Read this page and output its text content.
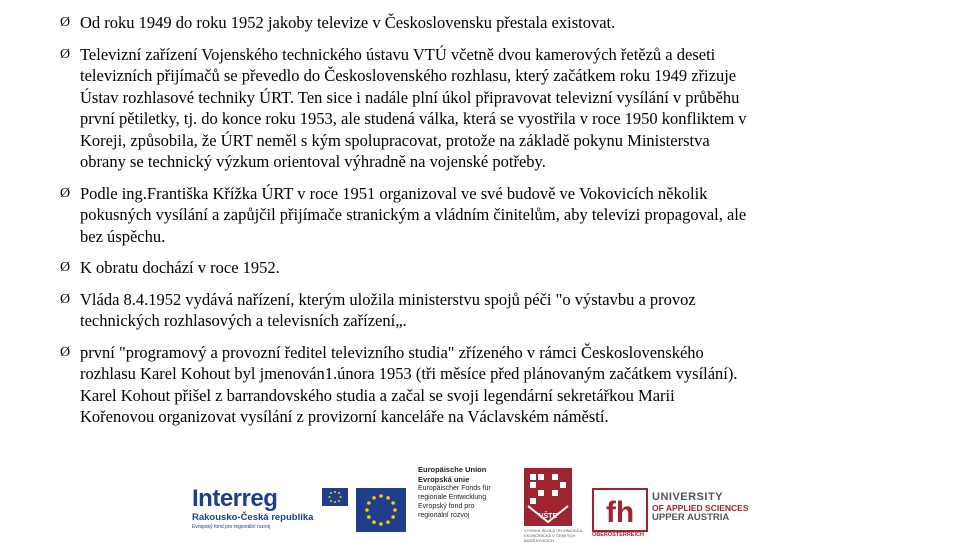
Ø Od roku 1949 do roku 1952 jakoby televize v Československu přestala existovat.
Ø Televizní zařízení Vojenského technického ústavu VTÚ včetně dvou kamerových řetězů a deseti
televizních přijímačů se převedlo do Československého rozhlasu, který začátkem roku 1949 zřizuje
Ústav rozhlasové techniky ÚRT. Ten sice i nadále plní úkol připravovat televizní vysílání v průběhu
první pětiletky, tj. do konce roku 1953, ale studená válka, která se vyostřila v roce 1950 konfliktem v
Koreji, způsobila, že ÚRT neměl s kým spolupracovat, protože na základě pokynu Ministerstva
obrany se technický výzkum orientoval výhradně na vojenské potřeby.
Ø Podle ing.Františka Křížka ÚRT v roce 1951 organizoval ve své budově ve Vokovicích několik
pokusných vysílání a zapůjčil přijímače stranickým a vládním činitelům, aby televizi propagoval, ale
bez úspěchu.
Ø K obratu dochází v roce 1952.
Ø Vláda 8.4.1952 vydává nařízení, kterým uložila ministerstvu spojů péči "o výstavbu a provoz
technických rozhlasových a televisních zařízení„.
Ø první "programový a provozní ředitel televizního studia" zřízeného v rámci Československého
rozhlasu Karel Kohout byl jmenován1.února 1953 (tři měsíce před plánovaným začátkem vysílání).
Karel Kohout přišel z barrandovského studia a začal se svoji legendární sekretářkou Marii
Kořenovou organizovat vysílání z provizorní kanceláře na Václavském náměstí.
Interreg
Rakousko-Česká republika
Evropský fond pro regionální rozvoj
Europäische Union
Evropská unie
Europäischer Fonds für
regionale Entwicklung
Evropský fond pro
regionální rozvoj	VŠTE
VYSOKÁ ŠKOLA TECHNICKÁ A EKONOMICKÁ V ČESKÝCH BUDĚJOVICÍCH
fh
OBERÖSTERREICH
UNIVERSITY
OF APPLIED SCIENCES
UPPER AUSTRIA
